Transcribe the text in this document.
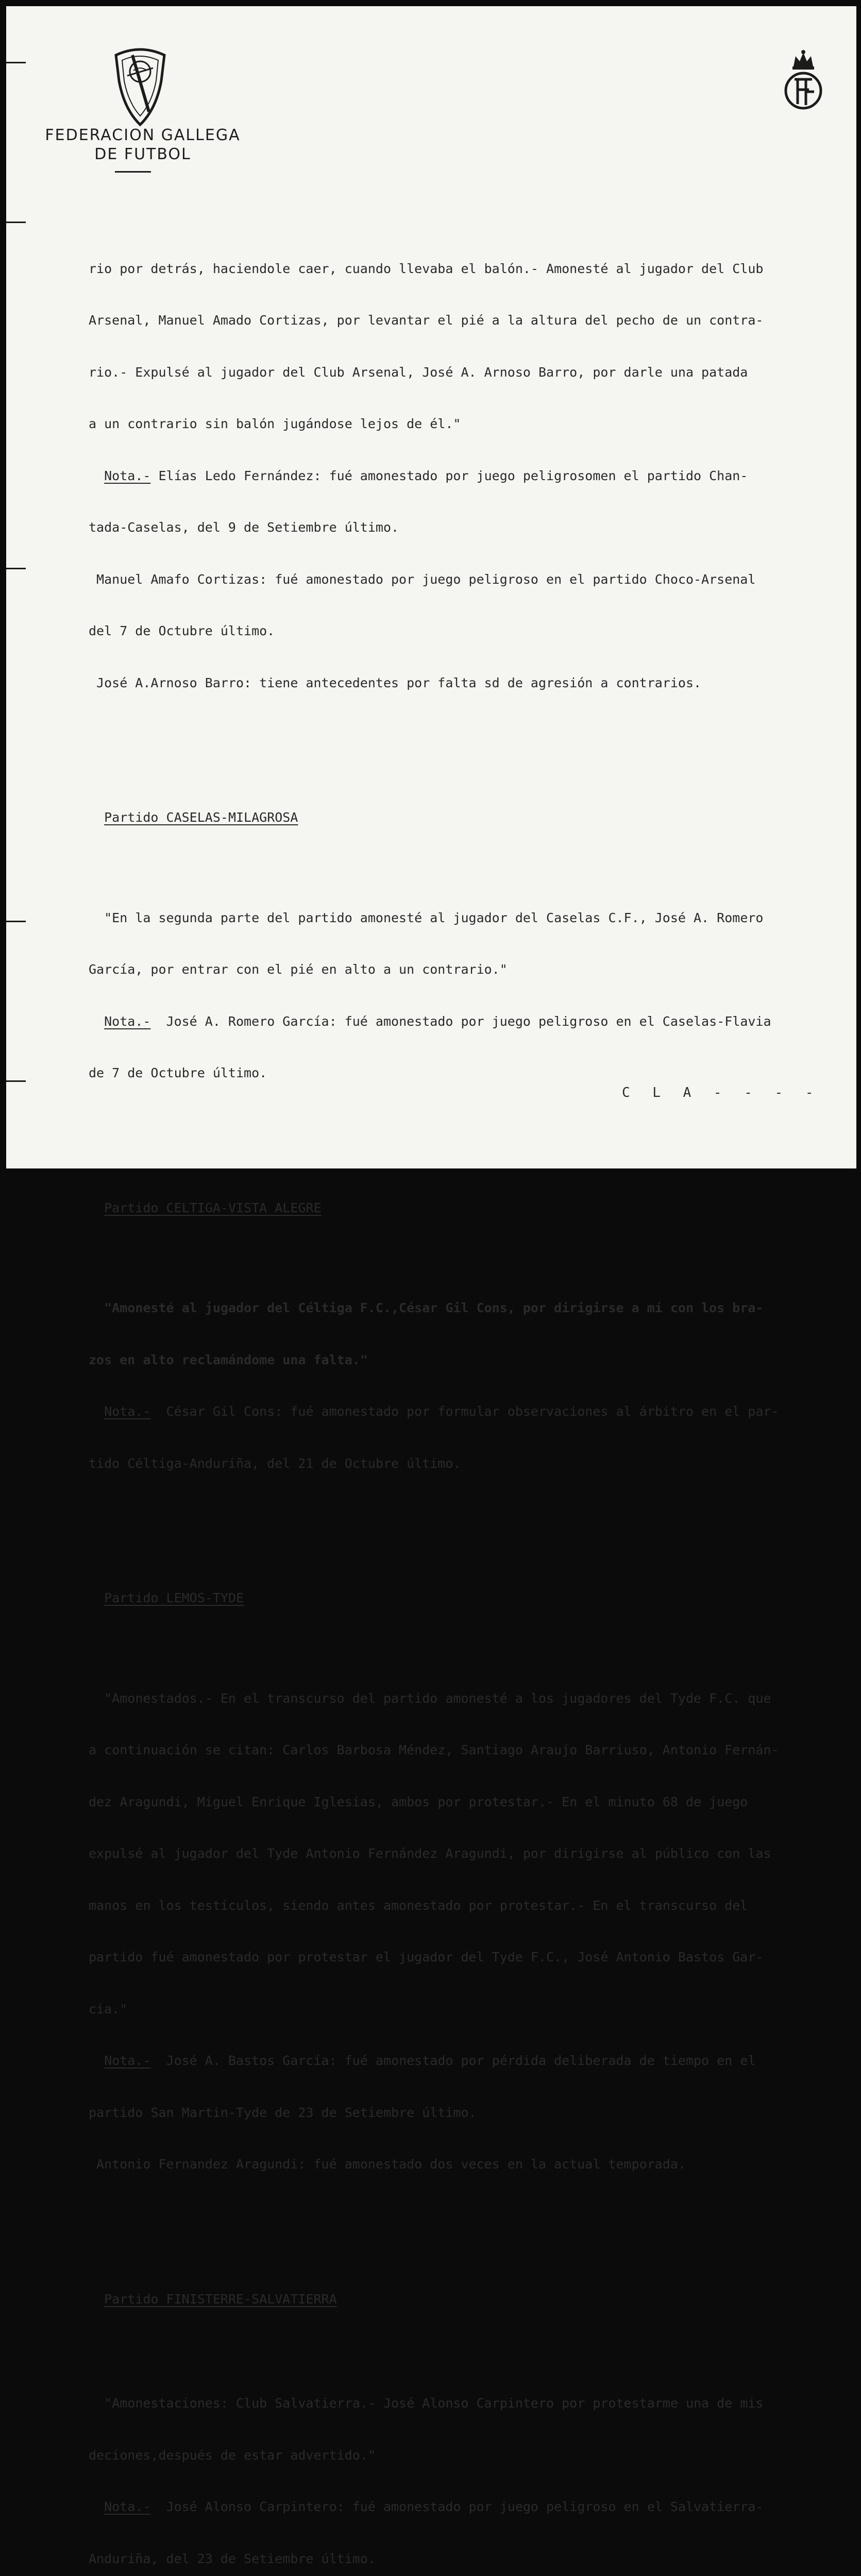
FEDERACION GALLEGA
DE FUTBOL

rio por detrás, haciendole caer, cuando llevaba el balón.- Amonesté al jugador del Club

Arsenal, Manuel Amado Cortizas, por levantar el pié a la altura del pecho de un contra-

rio.- Expulsé al jugador del Club Arsenal, José A. Arnoso Barro, por darle una patada

a un contrario sin balón jugándose lejos de él."

Nota.- Elías Ledo Fernández: fué amonestado por juego peligrosomen el partido Chan-

tada-Caselas, del 9 de Setiembre último.

Manuel Amafo Cortizas: fué amonestado por juego peligroso en el partido Choco-Arsenal

del 7 de Octubre último.

José A.Arnoso Barro: tiene antecedentes por falta sd de agresión a contrarios.

Partido CASELAS-MILAGROSA

"En la segunda parte del partido amonesté al jugador del Caselas C.F., José A. Romero

García, por entrar con el pié en alto a un contrario."

Nota.-  José A. Romero García: fué amonestado por juego peligroso en el Caselas-Flavia

de 7 de Octubre último.

Partido CELTIGA-VISTA ALEGRE

"Amonesté al jugador del Céltiga F.C.,César Gil Cons, por dirigirse a mí con los bra-

zos en alto reclamándome una falta."

Nota.-  César Gil Cons: fué amonestado por formular observaciones al árbitro en el par-

tido Céltiga-Anduriña, del 21 de Octubre último.

Partido LEMOS-TYDE

"Amonestados.- En el transcurso del partido amonesté a los jugadores del Tyde F.C. que

a continuación se citan: Carlos Barbosa Méndez, Santiago Araujo Barriuso, Antonio Fernán-

dez Aragundi, Miguel Enrique Iglesias, ambos por protestar.- En el minuto 68 de juego

expulsé al jugador del Tyde Antonio Fernández Aragundi, por dirigirse al público con las

manos en los testículos, siendo antes amonestado por protestar.- En el transcurso del

partido fué amonestado por protestar el jugador del Tyde F.C., José Antonio Bastos Gar-

cia."

Nota.-  José A. Bastos García: fué amonestado por pérdida deliberada de tiempo en el

partido San Martin-Tyde de 23 de Setiembre último.

Antonio Fernandez Aragundi: fué amonestado dos veces en la actual temporada.

Partido FINISTERRE-SALVATIERRA

"Amonestaciones: Club Salvatierra.- José Alonso Carpintero por protestarme una de mis

deciones,después de estar advertido."

Nota.-  José Alonso Carpintero: fué amonestado por juego peligroso en el Salvatierra-

Anduriña, del 23 de Setiembre último.

C L A - - - -
